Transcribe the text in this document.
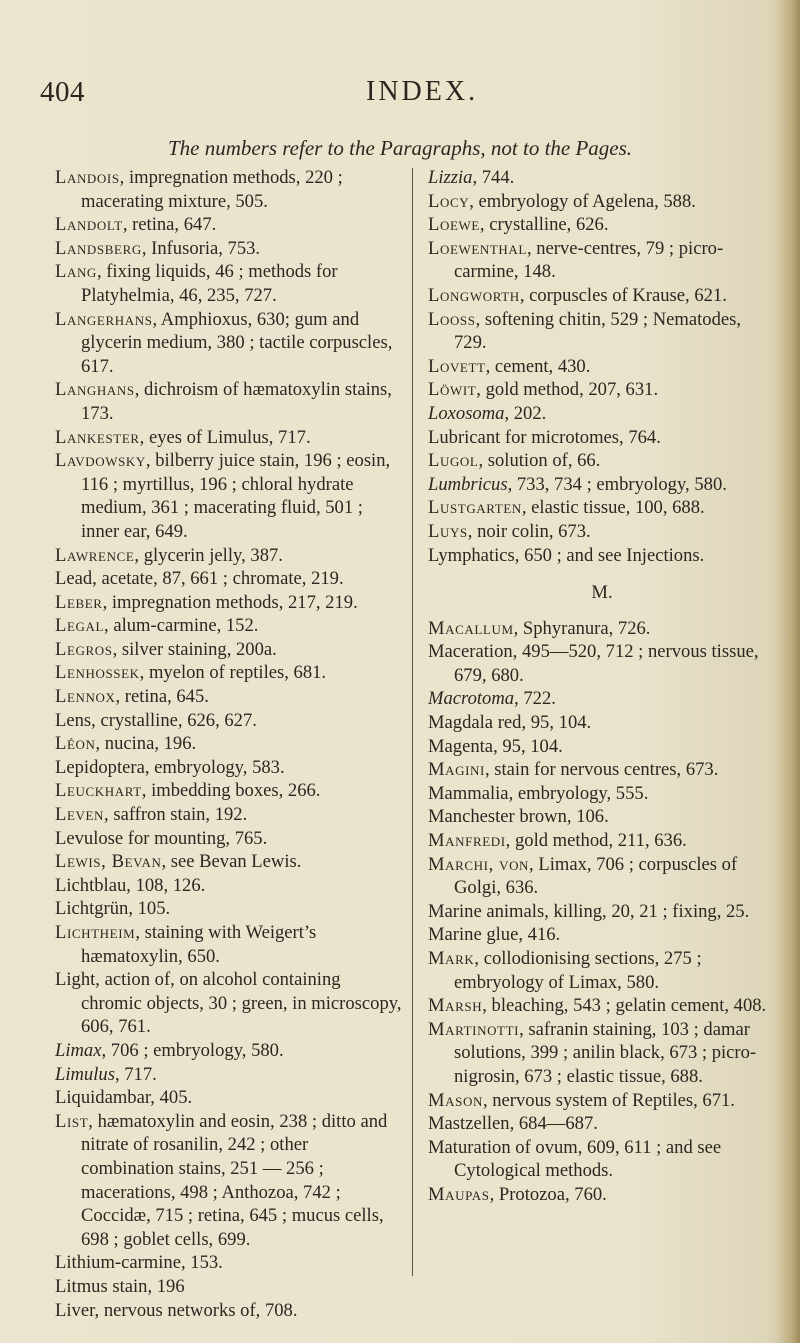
404	INDEX.
The numbers refer to the Paragraphs, not to the Pages.
Landois, impregnation methods, 220 ; macerating mixture, 505.
Landolt, retina, 647.
Landsberg, Infusoria, 753.
Lang, fixing liquids, 46 ; methods for Platyhelmia, 46, 235, 727.
Langerhans, Amphioxus, 630; gum and glycerin medium, 380 ; tactile corpuscles, 617.
Langhans, dichroism of hæmatoxylin stains, 173.
Lankester, eyes of Limulus, 717.
Lavdowsky, bilberry juice stain, 196 ; eosin, 116 ; myrtillus, 196 ; chloral hydrate medium, 361 ; macerating fluid, 501 ; inner ear, 649.
Lawrence, glycerin jelly, 387.
Lead, acetate, 87, 661 ; chromate, 219.
Leber, impregnation methods, 217, 219.
Legal, alum-carmine, 152.
Legros, silver staining, 200a.
Lenhossek, myelon of reptiles, 681.
Lennox, retina, 645.
Lens, crystalline, 626, 627.
Léon, nucina, 196.
Lepidoptera, embryology, 583.
Leuckhart, imbedding boxes, 266.
Leven, saffron stain, 192.
Levulose for mounting, 765.
Lewis, Bevan, see Bevan Lewis.
Lichtblau, 108, 126.
Lichtgrün, 105.
Lichtheim, staining with Weigert’s hæmatoxylin, 650.
Light, action of, on alcohol containing chromic objects, 30 ; green, in microscopy, 606, 761.
Limax, 706 ; embryology, 580.
Limulus, 717.
Liquidambar, 405.
List, hæmatoxylin and eosin, 238 ; ditto and nitrate of rosanilin, 242 ; other combination stains, 251 — 256 ; macerations, 498 ; Anthozoa, 742 ; Coccidæ, 715 ; retina, 645 ; mucus cells, 698 ; goblet cells, 699.
Lithium-carmine, 153.
Litmus stain, 196
Liver, nervous networks of, 708.
Lizzia, 744.
Locy, embryology of Agelena, 588.
Loewe, crystalline, 626.
Loewenthal, nerve-centres, 79 ; picro-carmine, 148.
Longworth, corpuscles of Krause, 621.
Looss, softening chitin, 529 ; Nematodes, 729.
Lovett, cement, 430.
Löwit, gold method, 207, 631.
Loxosoma, 202.
Lubricant for microtomes, 764.
Lugol, solution of, 66.
Lumbricus, 733, 734 ; embryology, 580.
Lustgarten, elastic tissue, 100, 688.
Luys, noir colin, 673.
Lymphatics, 650 ; and see Injections.
M.
Macallum, Sphyranura, 726.
Maceration, 495—520, 712 ; nervous tissue, 679, 680.
Macrotoma, 722.
Magdala red, 95, 104.
Magenta, 95, 104.
Magini, stain for nervous centres, 673.
Mammalia, embryology, 555.
Manchester brown, 106.
Manfredi, gold method, 211, 636.
Marchi, von, Limax, 706 ; corpuscles of Golgi, 636.
Marine animals, killing, 20, 21 ; fixing, 25.
Marine glue, 416.
Mark, collodionising sections, 275 ; embryology of Limax, 580.
Marsh, bleaching, 543 ; gelatin cement, 408.
Martinotti, safranin staining, 103 ; damar solutions, 399 ; anilin black, 673 ; picro-nigrosin, 673 ; elastic tissue, 688.
Mason, nervous system of Reptiles, 671.
Mastzellen, 684—687.
Maturation of ovum, 609, 611 ; and see Cytological methods.
Maupas, Protozoa, 760.
